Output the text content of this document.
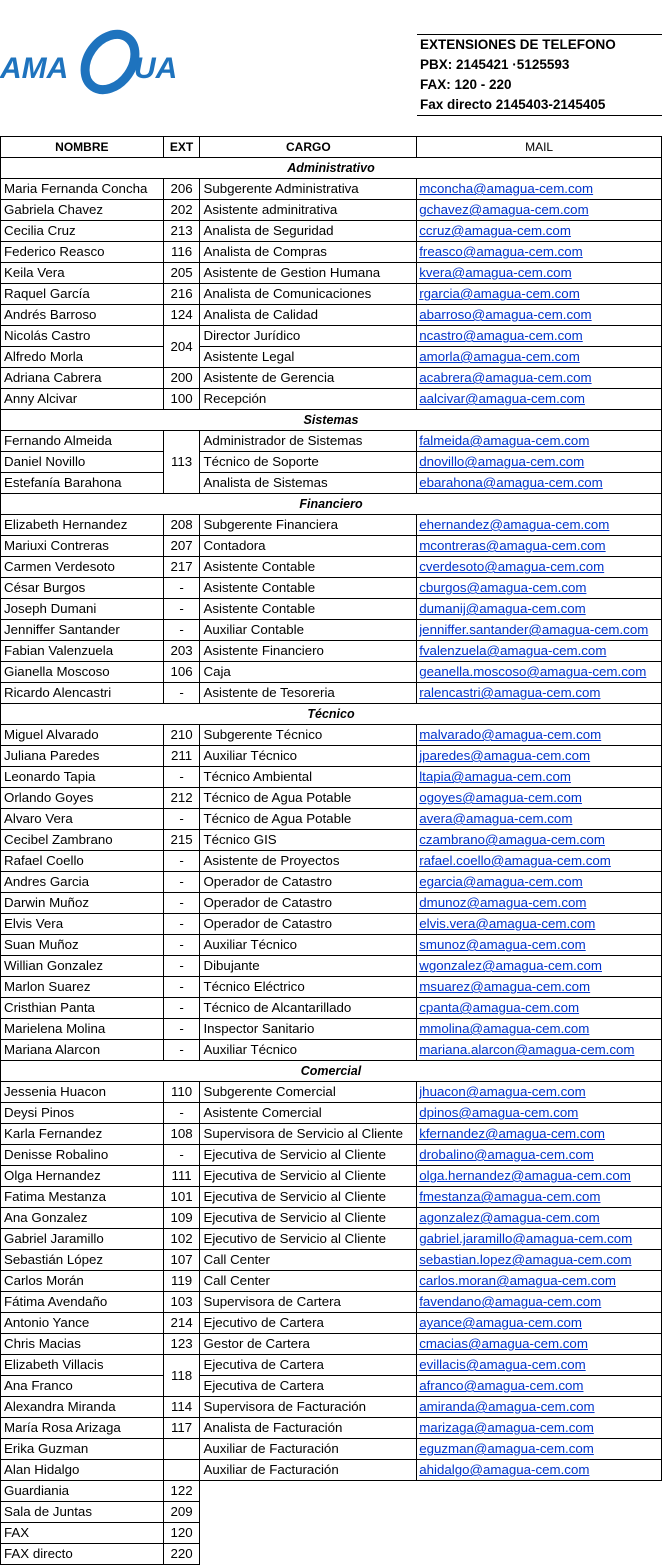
AMA UA
EXTENSIONES DE TELEFONO
PBX: 2145421 ·5125593
FAX: 120 - 220
Fax directo 2145403-2145405
NOMBRE	EXT	CARGO	MAIL
Administrativo			
Maria Fernanda Concha	206	Subgerente Administrativa	mconcha@amagua-cem.com
Gabriela Chavez	202	Asistente adminitrativa	gchavez@amagua-cem.com
Cecilia Cruz	213	Analista de Seguridad	ccruz@amagua-cem.com
Federico Reasco	116	Analista de Compras	freasco@amagua-cem.com
Keila Vera	205	Asistente de Gestion Humana	kvera@amagua-cem.com
Raquel García	216	Analista de Comunicaciones	rgarcia@amagua-cem.com
Andrés Barroso	124	Analista de Calidad	abarroso@amagua-cem.com
Nicolás Castro	204	Director Jurídico	ncastro@amagua-cem.com
Alfredo Morla		Asistente Legal	amorla@amagua-cem.com
Adriana Cabrera	200	Asistente de Gerencia	acabrera@amagua-cem.com
Anny Alcivar	100	Recepción	aalcivar@amagua-cem.com
Sistemas			
Fernando Almeida	113	Administrador de Sistemas	falmeida@amagua-cem.com
Daniel Novillo		Técnico de Soporte	dnovillo@amagua-cem.com
Estefanía Barahona		Analista de Sistemas	ebarahona@amagua-cem.com
Financiero			
Elizabeth Hernandez	208	Subgerente Financiera	ehernandez@amagua-cem.com
Mariuxi Contreras	207	Contadora	mcontreras@amagua-cem.com
Carmen Verdesoto	217	Asistente Contable	cverdesoto@amagua-cem.com
César Burgos	-	Asistente Contable	cburgos@amagua-cem.com
Joseph Dumani	-	Asistente Contable	dumanij@amagua-cem.com
Jenniffer Santander	-	Auxiliar Contable	jenniffer.santander@amagua-cem.com
Fabian Valenzuela	203	Asistente Financiero	fvalenzuela@amagua-cem.com
Gianella Moscoso	106	Caja	geanella.moscoso@amagua-cem.com
Ricardo Alencastri	-	Asistente de Tesoreria	ralencastri@amagua-cem.com
Técnico			
Miguel Alvarado	210	Subgerente Técnico	malvarado@amagua-cem.com
Juliana Paredes	211	Auxiliar Técnico	jparedes@amagua-cem.com
Leonardo Tapia	-	Técnico Ambiental	ltapia@amagua-cem.com
Orlando Goyes	212	Técnico de Agua Potable	ogoyes@amagua-cem.com
Alvaro Vera	-	Técnico de Agua Potable	avera@amagua-cem.com
Cecibel Zambrano	215	Técnico GIS	czambrano@amagua-cem.com
Rafael Coello	-	Asistente de Proyectos	rafael.coello@amagua-cem.com
Andres Garcia	-	Operador de Catastro	egarcia@amagua-cem.com
Darwin Muñoz	-	Operador de Catastro	dmunoz@amagua-cem.com
Elvis Vera	-	Operador de Catastro	elvis.vera@amagua-cem.com
Suan Muñoz	-	Auxiliar Técnico	smunoz@amagua-cem.com
Willian Gonzalez	-	Dibujante	wgonzalez@amagua-cem.com
Marlon Suarez	-	Técnico Eléctrico	msuarez@amagua-cem.com
Cristhian Panta	-	Técnico de Alcantarillado	cpanta@amagua-cem.com
Marielena Molina	-	Inspector Sanitario	mmolina@amagua-cem.com
Mariana Alarcon	-	Auxiliar Técnico	mariana.alarcon@amagua-cem.com
Comercial			
Jessenia Huacon	110	Subgerente Comercial	jhuacon@amagua-cem.com
Deysi Pinos	-	Asistente Comercial	dpinos@amagua-cem.com
Karla Fernandez	108	Supervisora de Servicio al Cliente	kfernandez@amagua-cem.com
Denisse Robalino	-	Ejecutiva de Servicio al Cliente	drobalino@amagua-cem.com
Olga Hernandez	111	Ejecutiva de Servicio al Cliente	olga.hernandez@amagua-cem.com
Fatima Mestanza	101	Ejecutiva de Servicio al Cliente	fmestanza@amagua-cem.com
Ana Gonzalez	109	Ejecutiva de Servicio al Cliente	agonzalez@amagua-cem.com
Gabriel Jaramillo	102	Ejecutivo de Servicio al Cliente	gabriel.jaramillo@amagua-cem.com
Sebastián López	107	Call Center	sebastian.lopez@amagua-cem.com
Carlos Morán	119	Call Center	carlos.moran@amagua-cem.com
Fátima Avendaño	103	Supervisora de Cartera	favendano@amagua-cem.com
Antonio Yance	214	Ejecutivo de Cartera	ayance@amagua-cem.com
Chris Macias	123	Gestor de Cartera	cmacias@amagua-cem.com
Elizabeth Villacis	118	Ejecutiva de Cartera	evillacis@amagua-cem.com
Ana Franco		Ejecutiva de Cartera	afranco@amagua-cem.com
Alexandra Miranda	114	Supervisora de Facturación	amiranda@amagua-cem.com
María Rosa Arizaga	117	Analista de Facturación	marizaga@amagua-cem.com
Erika Guzman		Auxiliar de Facturación	eguzman@amagua-cem.com
Alan Hidalgo		Auxiliar de Facturación	ahidalgo@amagua-cem.com
Guardiania	122		
Sala de Juntas	209		
FAX	120		
FAX directo	220		
